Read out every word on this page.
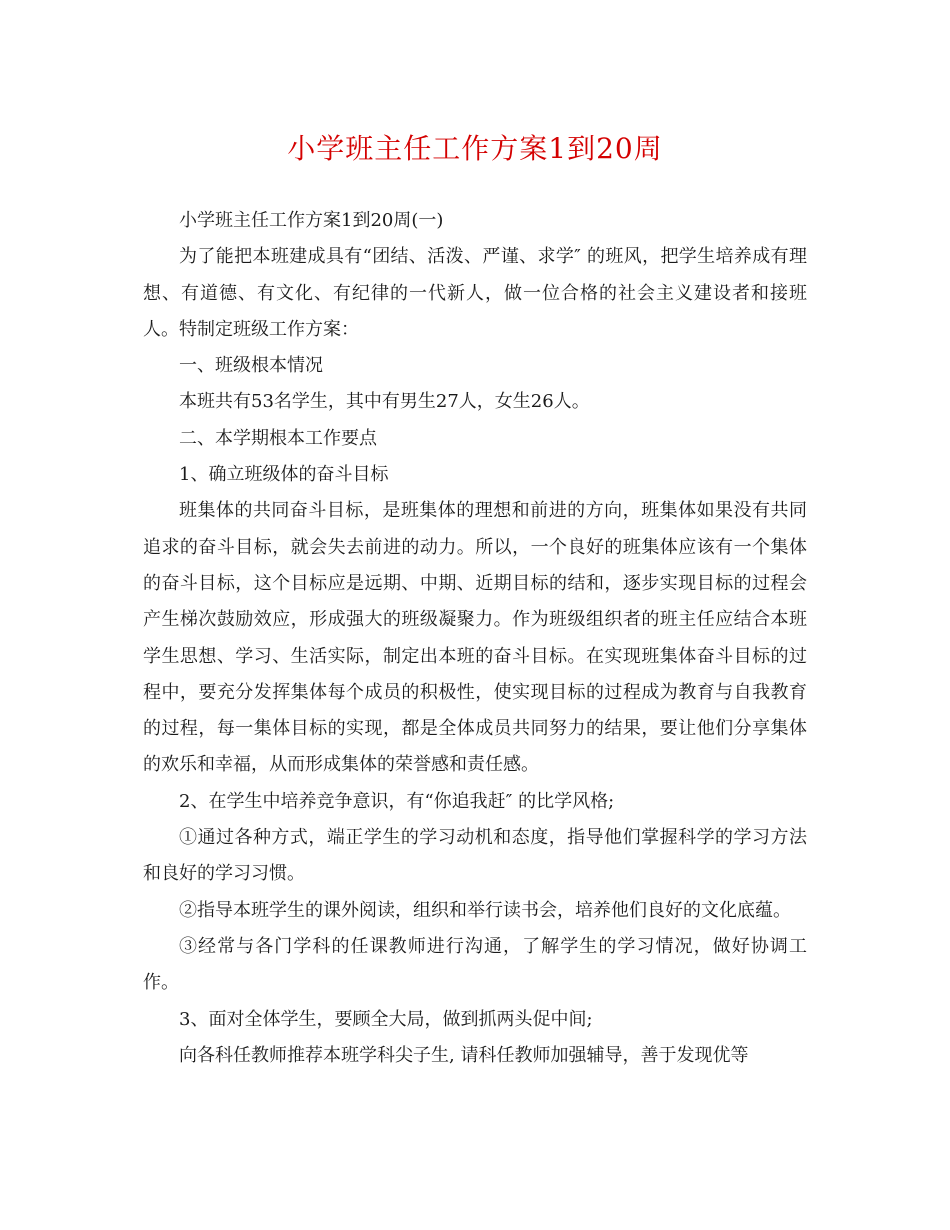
小学班主任工作方案1到20周

小学班主任工作方案1到20周(一)

为了能把本班建成具有“团结、活泼、严谨、求学″ 的班风，把学生培养成有理想、有道德、有文化、有纪律的一代新人，做一位合格的社会主义建设者和接班人。特制定班级工作方案：

一、班级根本情况

本班共有53名学生，其中有男生27人，女生26人。

二、本学期根本工作要点

1、确立班级体的奋斗目标

班集体的共同奋斗目标，是班集体的理想和前进的方向，班集体如果没有共同追求的奋斗目标，就会失去前进的动力。所以，一个良好的班集体应该有一个集体的奋斗目标，这个目标应是远期、中期、近期目标的结和，逐步实现目标的过程会产生梯次鼓励效应，形成强大的班级凝聚力。作为班级组织者的班主任应结合本班学生思想、学习、生活实际，制定出本班的奋斗目标。在实现班集体奋斗目标的过程中，要充分发挥集体每个成员的积极性，使实现目标的过程成为教育与自我教育的过程，每一集体目标的实现，都是全体成员共同努力的结果，要让他们分享集体的欢乐和幸福，从而形成集体的荣誉感和责任感。

2、在学生中培养竞争意识，有“你追我赶″ 的比学风格;

①通过各种方式，端正学生的学习动机和态度，指导他们掌握科学的学习方法和良好的学习习惯。

②指导本班学生的课外阅读，组织和举行读书会，培养他们良好的文化底蕴。

③经常与各门学科的任课教师进行沟通，了解学生的学习情况，做好协调工作。

3、面对全体学生，要顾全大局，做到抓两头促中间;

向各科任教师推荐本班学科尖子生, 请科任教师加强辅导，善于发现优等
